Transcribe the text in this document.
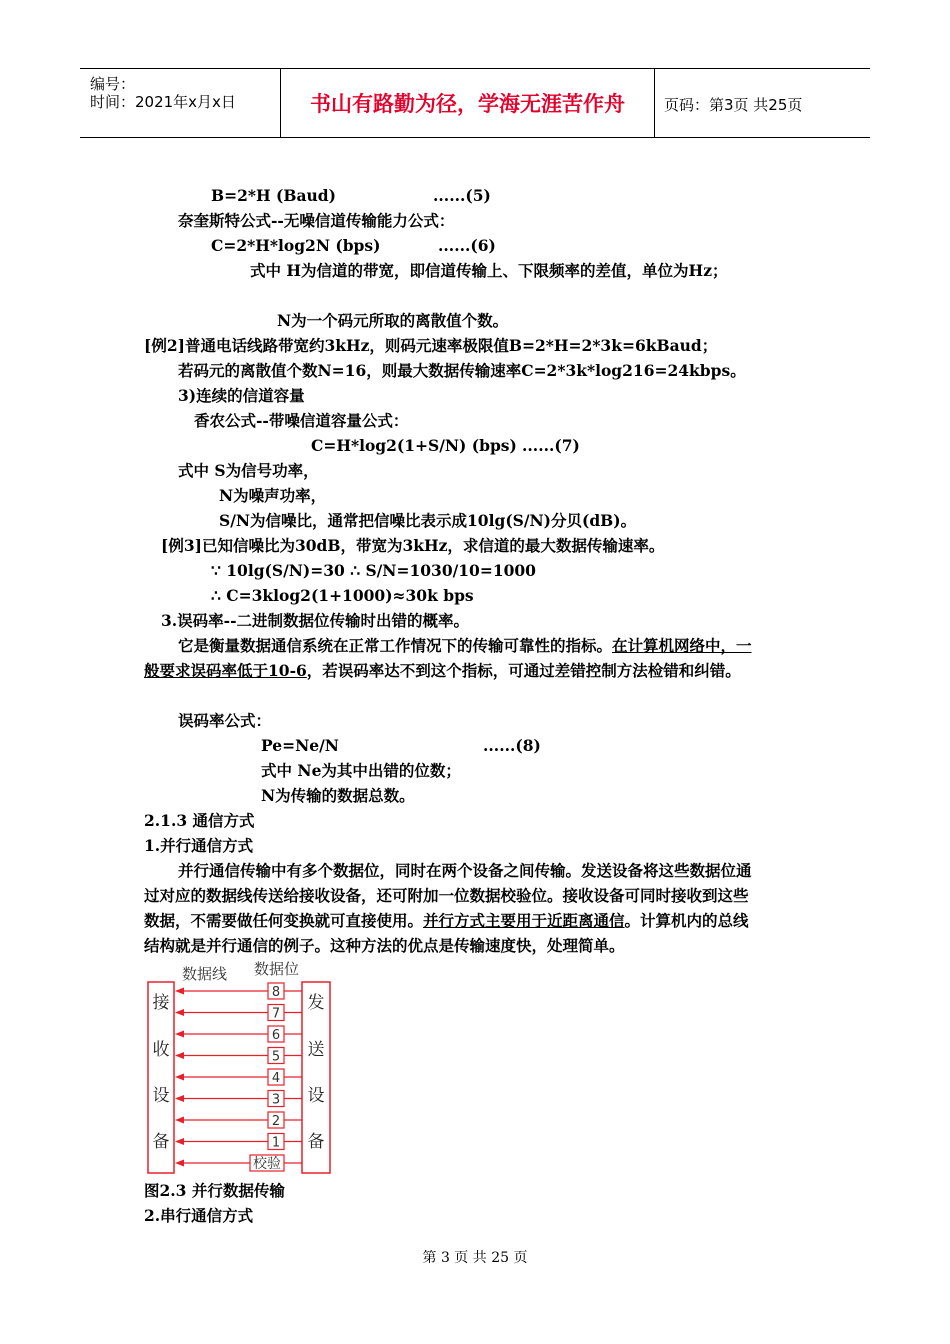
编号：
时间：2021年x月x日	书山有路勤为径，学海无涯苦作舟	页码：第3页 共25页
B=2*H (Baud)	......(5)
奈奎斯特公式--无噪信道传输能力公式：
C=2*H*log2N (bps)	......(6)
式中 H为信道的带宽，即信道传输上、下限频率的差值，单位为Hz；
N为一个码元所取的离散值个数。
[例2]普通电话线路带宽约3kHz，则码元速率极限值B=2*H=2*3k=6kBaud；
若码元的离散值个数N=16，则最大数据传输速率C=2*3k*log216=24kbps。
3)连续的信道容量
香农公式--带噪信道容量公式：
C=H*log2(1+S/N) (bps) ......(7)
式中 S为信号功率，
N为噪声功率，
S/N为信噪比，通常把信噪比表示成10lg(S/N)分贝(dB)。
[例3]已知信噪比为30dB，带宽为3kHz，求信道的最大数据传输速率。
∵ 10lg(S/N)=30 ∴ S/N=1030/10=1000
∴ C=3klog2(1+1000)≈30k bps
3.误码率--二进制数据位传输时出错的概率。
它是衡量数据通信系统在正常工作情况下的传输可靠性的指标。在计算机网络中，一
般要求误码率低于10-6，若误码率达不到这个指标，可通过差错控制方法检错和纠错。
误码率公式：
Pe=Ne/N	......(8)
式中 Ne为其中出错的位数；
N为传输的数据总数。
2.1.3 通信方式
1.并行通信方式
并行通信传输中有多个数据位，同时在两个设备之间传输。发送设备将这些数据位通
过对应的数据线传送给接收设备，还可附加一位数据校验位。接收设备可同时接收到这些
数据，不需要做任何变换就可直接使用。并行方式主要用于近距离通信。计算机内的总线
结构就是并行通信的例子。这种方法的优点是传输速度快，处理简单。
数据线 数据位
接
收
设
备
发
送
设
备
8
7
6
5
4
3
2
1
校验
图2.3 并行数据传输
2.串行通信方式
第 3 页 共 25 页
